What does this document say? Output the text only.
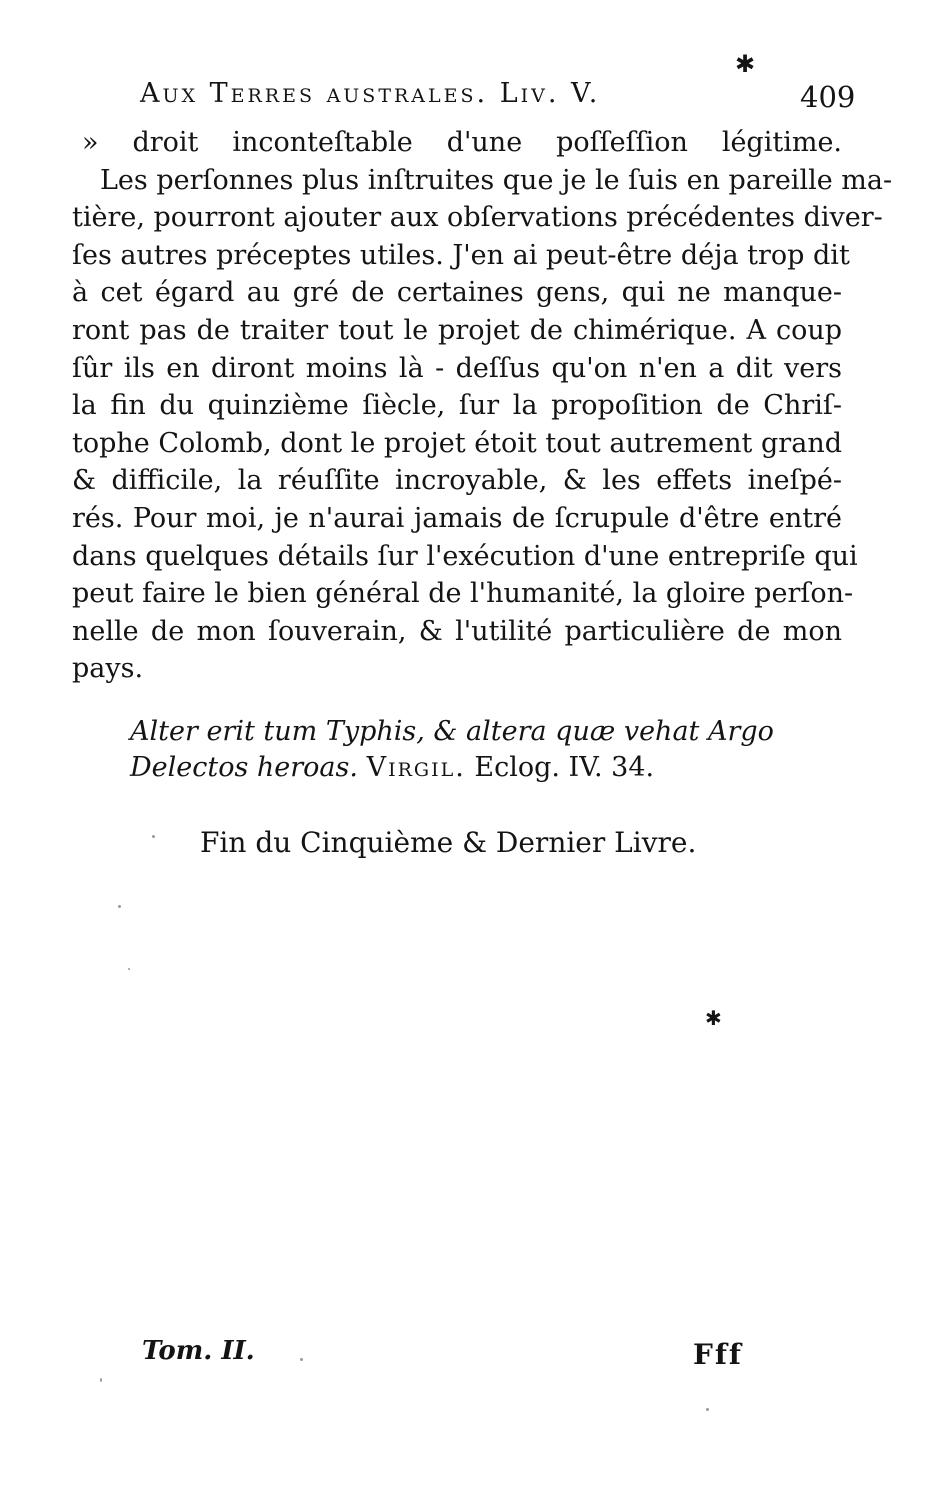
✱
Aux Terres australes. Liv. V.	409
» droit inconteſtable d'une poſſeſſion légitime.
Les perſonnes plus inſtruites que je le ſuis en pareille ma-
tière, pourront ajouter aux obſervations précédentes diver-
ſes autres préceptes utiles. J'en ai peut-être déja trop dit
à cet égard au gré de certaines gens, qui ne manque-
ront pas de traiter tout le projet de chimérique. A coup
ſûr ils en diront moins là - deſſus qu'on n'en a dit vers
la fin du quinzième ſiècle, ſur la propoſition de Chriſ-
tophe Colomb, dont le projet étoit tout autrement grand
& difficile, la réuſſite incroyable, & les effets ineſpé-
rés. Pour moi, je n'aurai jamais de ſcrupule d'être entré
dans quelques détails ſur l'exécution d'une entrepriſe qui
peut faire le bien général de l'humanité, la gloire perſon-
nelle de mon ſouverain, & l'utilité particulière de mon
pays.
Alter erit tum Typhis, & altera quæ vehat Argo
Delectos heroas. Virgil. Eclog. IV. 34.
Fin du Cinquième & Dernier Livre.
✱
Tom. II.	Fff
